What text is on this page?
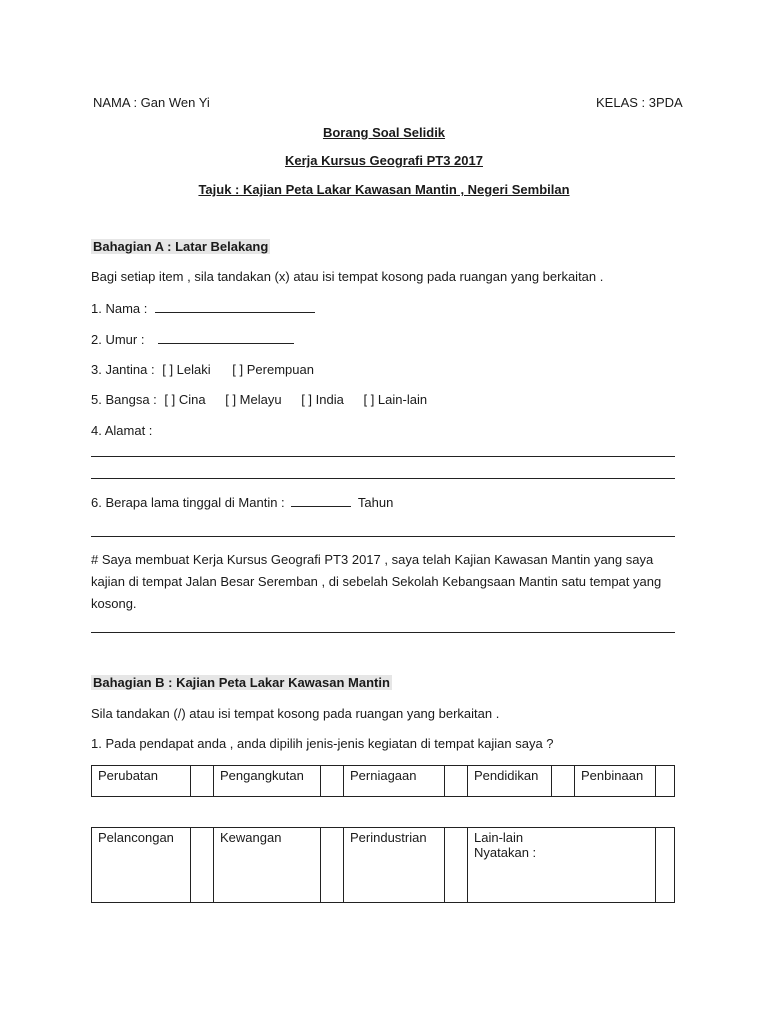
NAMA : Gan Wen Yi	KELAS : 3PDA
Borang Soal Selidik
Kerja Kursus Geografi PT3 2017
Tajuk : Kajian Peta Lakar Kawasan Mantin , Negeri Sembilan
Bahagian A : Latar Belakang
Bagi setiap item , sila tandakan (x) atau isi tempat kosong pada ruangan yang berkaitan .
1. Nama :
2. Umur :
3. Jantina : [ ] Lelaki [ ] Perempuan
5. Bangsa : [ ] Cina [ ] Melayu [ ] India [ ] Lain-lain
4. Alamat :
6. Berapa lama tinggal di Mantin :	Tahun
# Saya membuat Kerja Kursus Geografi PT3 2017 , saya telah Kajian Kawasan Mantin yang saya kajian di tempat Jalan Besar Seremban , di sebelah Sekolah Kebangsaan Mantin satu tempat yang kosong.
Bahagian B : Kajian Peta Lakar Kawasan Mantin
Sila tandakan (/) atau isi tempat kosong pada ruangan yang berkaitan .
1. Pada pendapat anda , anda dipilih jenis-jenis kegiatan di tempat kajian saya ?
Perubatan		Pengangkutan		Perniagaan		Pendidikan		Penbinaan	
Pelancongan		Kewangan		Perindustrian		Lain-lain
Nyatakan :
